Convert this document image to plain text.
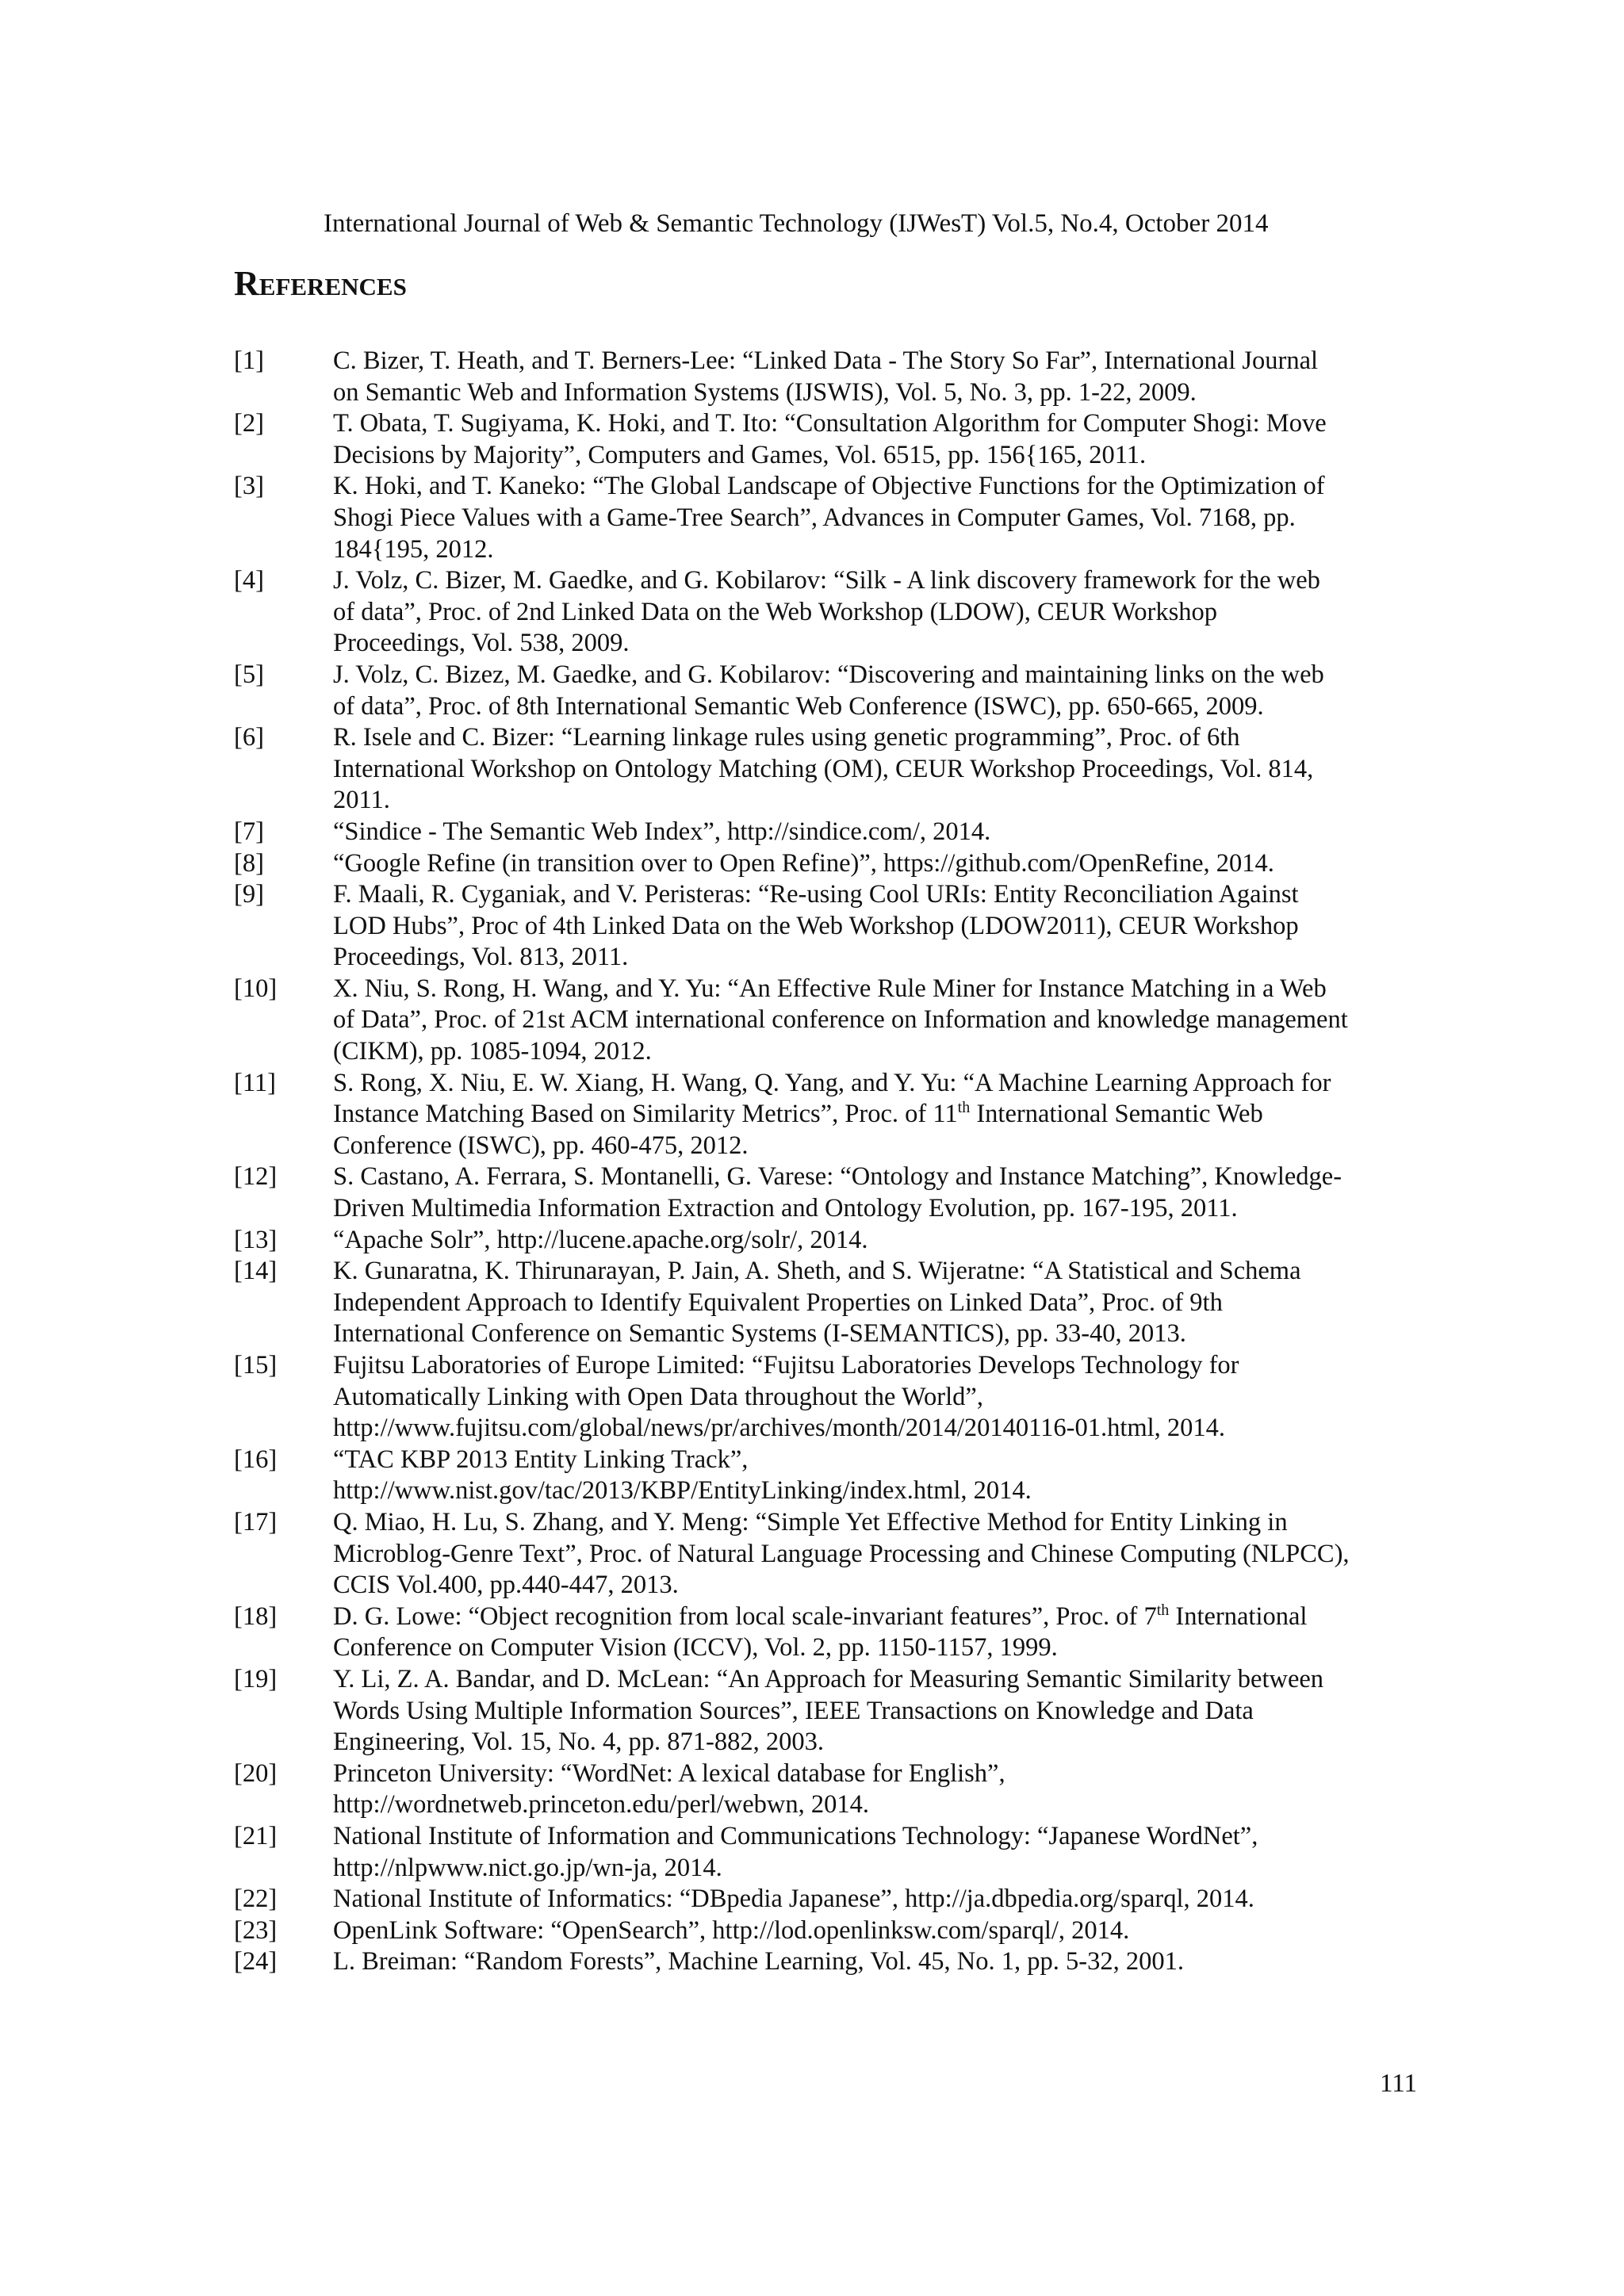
International Journal of Web & Semantic Technology (IJWesT) Vol.5, No.4, October 2014
References
[1]	C. Bizer, T. Heath, and T. Berners-Lee: “Linked Data - The Story So Far”, International Journal
on Semantic Web and Information Systems (IJSWIS), Vol. 5, No. 3, pp. 1-22, 2009.
[2]	T. Obata, T. Sugiyama, K. Hoki, and T. Ito: “Consultation Algorithm for Computer Shogi: Move
Decisions by Majority”, Computers and Games, Vol. 6515, pp. 156{165, 2011.
[3]	K. Hoki, and T. Kaneko: “The Global Landscape of Objective Functions for the Optimization of
Shogi Piece Values with a Game-Tree Search”, Advances in Computer Games, Vol. 7168, pp.
184{195, 2012.
[4]	J. Volz, C. Bizer, M. Gaedke, and G. Kobilarov: “Silk - A link discovery framework for the web
of data”, Proc. of 2nd Linked Data on the Web Workshop (LDOW), CEUR Workshop
Proceedings, Vol. 538, 2009.
[5]	J. Volz, C. Bizez, M. Gaedke, and G. Kobilarov: “Discovering and maintaining links on the web
of data”, Proc. of 8th International Semantic Web Conference (ISWC), pp. 650-665, 2009.
[6]	R. Isele and C. Bizer: “Learning linkage rules using genetic programming”, Proc. of 6th
International Workshop on Ontology Matching (OM), CEUR Workshop Proceedings, Vol. 814,
2011.
[7]	“Sindice - The Semantic Web Index”, http://sindice.com/, 2014.
[8]	“Google Refine (in transition over to Open Refine)”, https://github.com/OpenRefine, 2014.
[9]	F. Maali, R. Cyganiak, and V. Peristeras: “Re-using Cool URIs: Entity Reconciliation Against
LOD Hubs”, Proc of 4th Linked Data on the Web Workshop (LDOW2011), CEUR Workshop
Proceedings, Vol. 813, 2011.
[10]	X. Niu, S. Rong, H. Wang, and Y. Yu: “An Effective Rule Miner for Instance Matching in a Web
of Data”, Proc. of 21st ACM international conference on Information and knowledge management
(CIKM), pp. 1085-1094, 2012.
[11]	S. Rong, X. Niu, E. W. Xiang, H. Wang, Q. Yang, and Y. Yu: “A Machine Learning Approach for
Instance Matching Based on Similarity Metrics”, Proc. of 11th International Semantic Web
Conference (ISWC), pp. 460-475, 2012.
[12]	S. Castano, A. Ferrara, S. Montanelli, G. Varese: “Ontology and Instance Matching”, Knowledge-
Driven Multimedia Information Extraction and Ontology Evolution, pp. 167-195, 2011.
[13]	“Apache Solr”, http://lucene.apache.org/solr/, 2014.
[14]	K. Gunaratna, K. Thirunarayan, P. Jain, A. Sheth, and S. Wijeratne: “A Statistical and Schema
Independent Approach to Identify Equivalent Properties on Linked Data”, Proc. of 9th
International Conference on Semantic Systems (I-SEMANTICS), pp. 33-40, 2013.
[15]	Fujitsu Laboratories of Europe Limited: “Fujitsu Laboratories Develops Technology for
Automatically Linking with Open Data throughout the World”,
http://www.fujitsu.com/global/news/pr/archives/month/2014/20140116-01.html, 2014.
[16]	“TAC KBP 2013 Entity Linking Track”,
http://www.nist.gov/tac/2013/KBP/EntityLinking/index.html, 2014.
[17]	Q. Miao, H. Lu, S. Zhang, and Y. Meng: “Simple Yet Effective Method for Entity Linking in
Microblog-Genre Text”, Proc. of Natural Language Processing and Chinese Computing (NLPCC),
CCIS Vol.400, pp.440-447, 2013.
[18]	D. G. Lowe: “Object recognition from local scale-invariant features”, Proc. of 7th International
Conference on Computer Vision (ICCV), Vol. 2, pp. 1150-1157, 1999.
[19]	Y. Li, Z. A. Bandar, and D. McLean: “An Approach for Measuring Semantic Similarity between
Words Using Multiple Information Sources”, IEEE Transactions on Knowledge and Data
Engineering, Vol. 15, No. 4, pp. 871-882, 2003.
[20]	Princeton University: “WordNet: A lexical database for English”,
http://wordnetweb.princeton.edu/perl/webwn, 2014.
[21]	National Institute of Information and Communications Technology: “Japanese WordNet”,
http://nlpwww.nict.go.jp/wn-ja, 2014.
[22]	National Institute of Informatics: “DBpedia Japanese”, http://ja.dbpedia.org/sparql, 2014.
[23]	OpenLink Software: “OpenSearch”, http://lod.openlinksw.com/sparql/, 2014.
[24]	L. Breiman: “Random Forests”, Machine Learning, Vol. 45, No. 1, pp. 5-32, 2001.
111
